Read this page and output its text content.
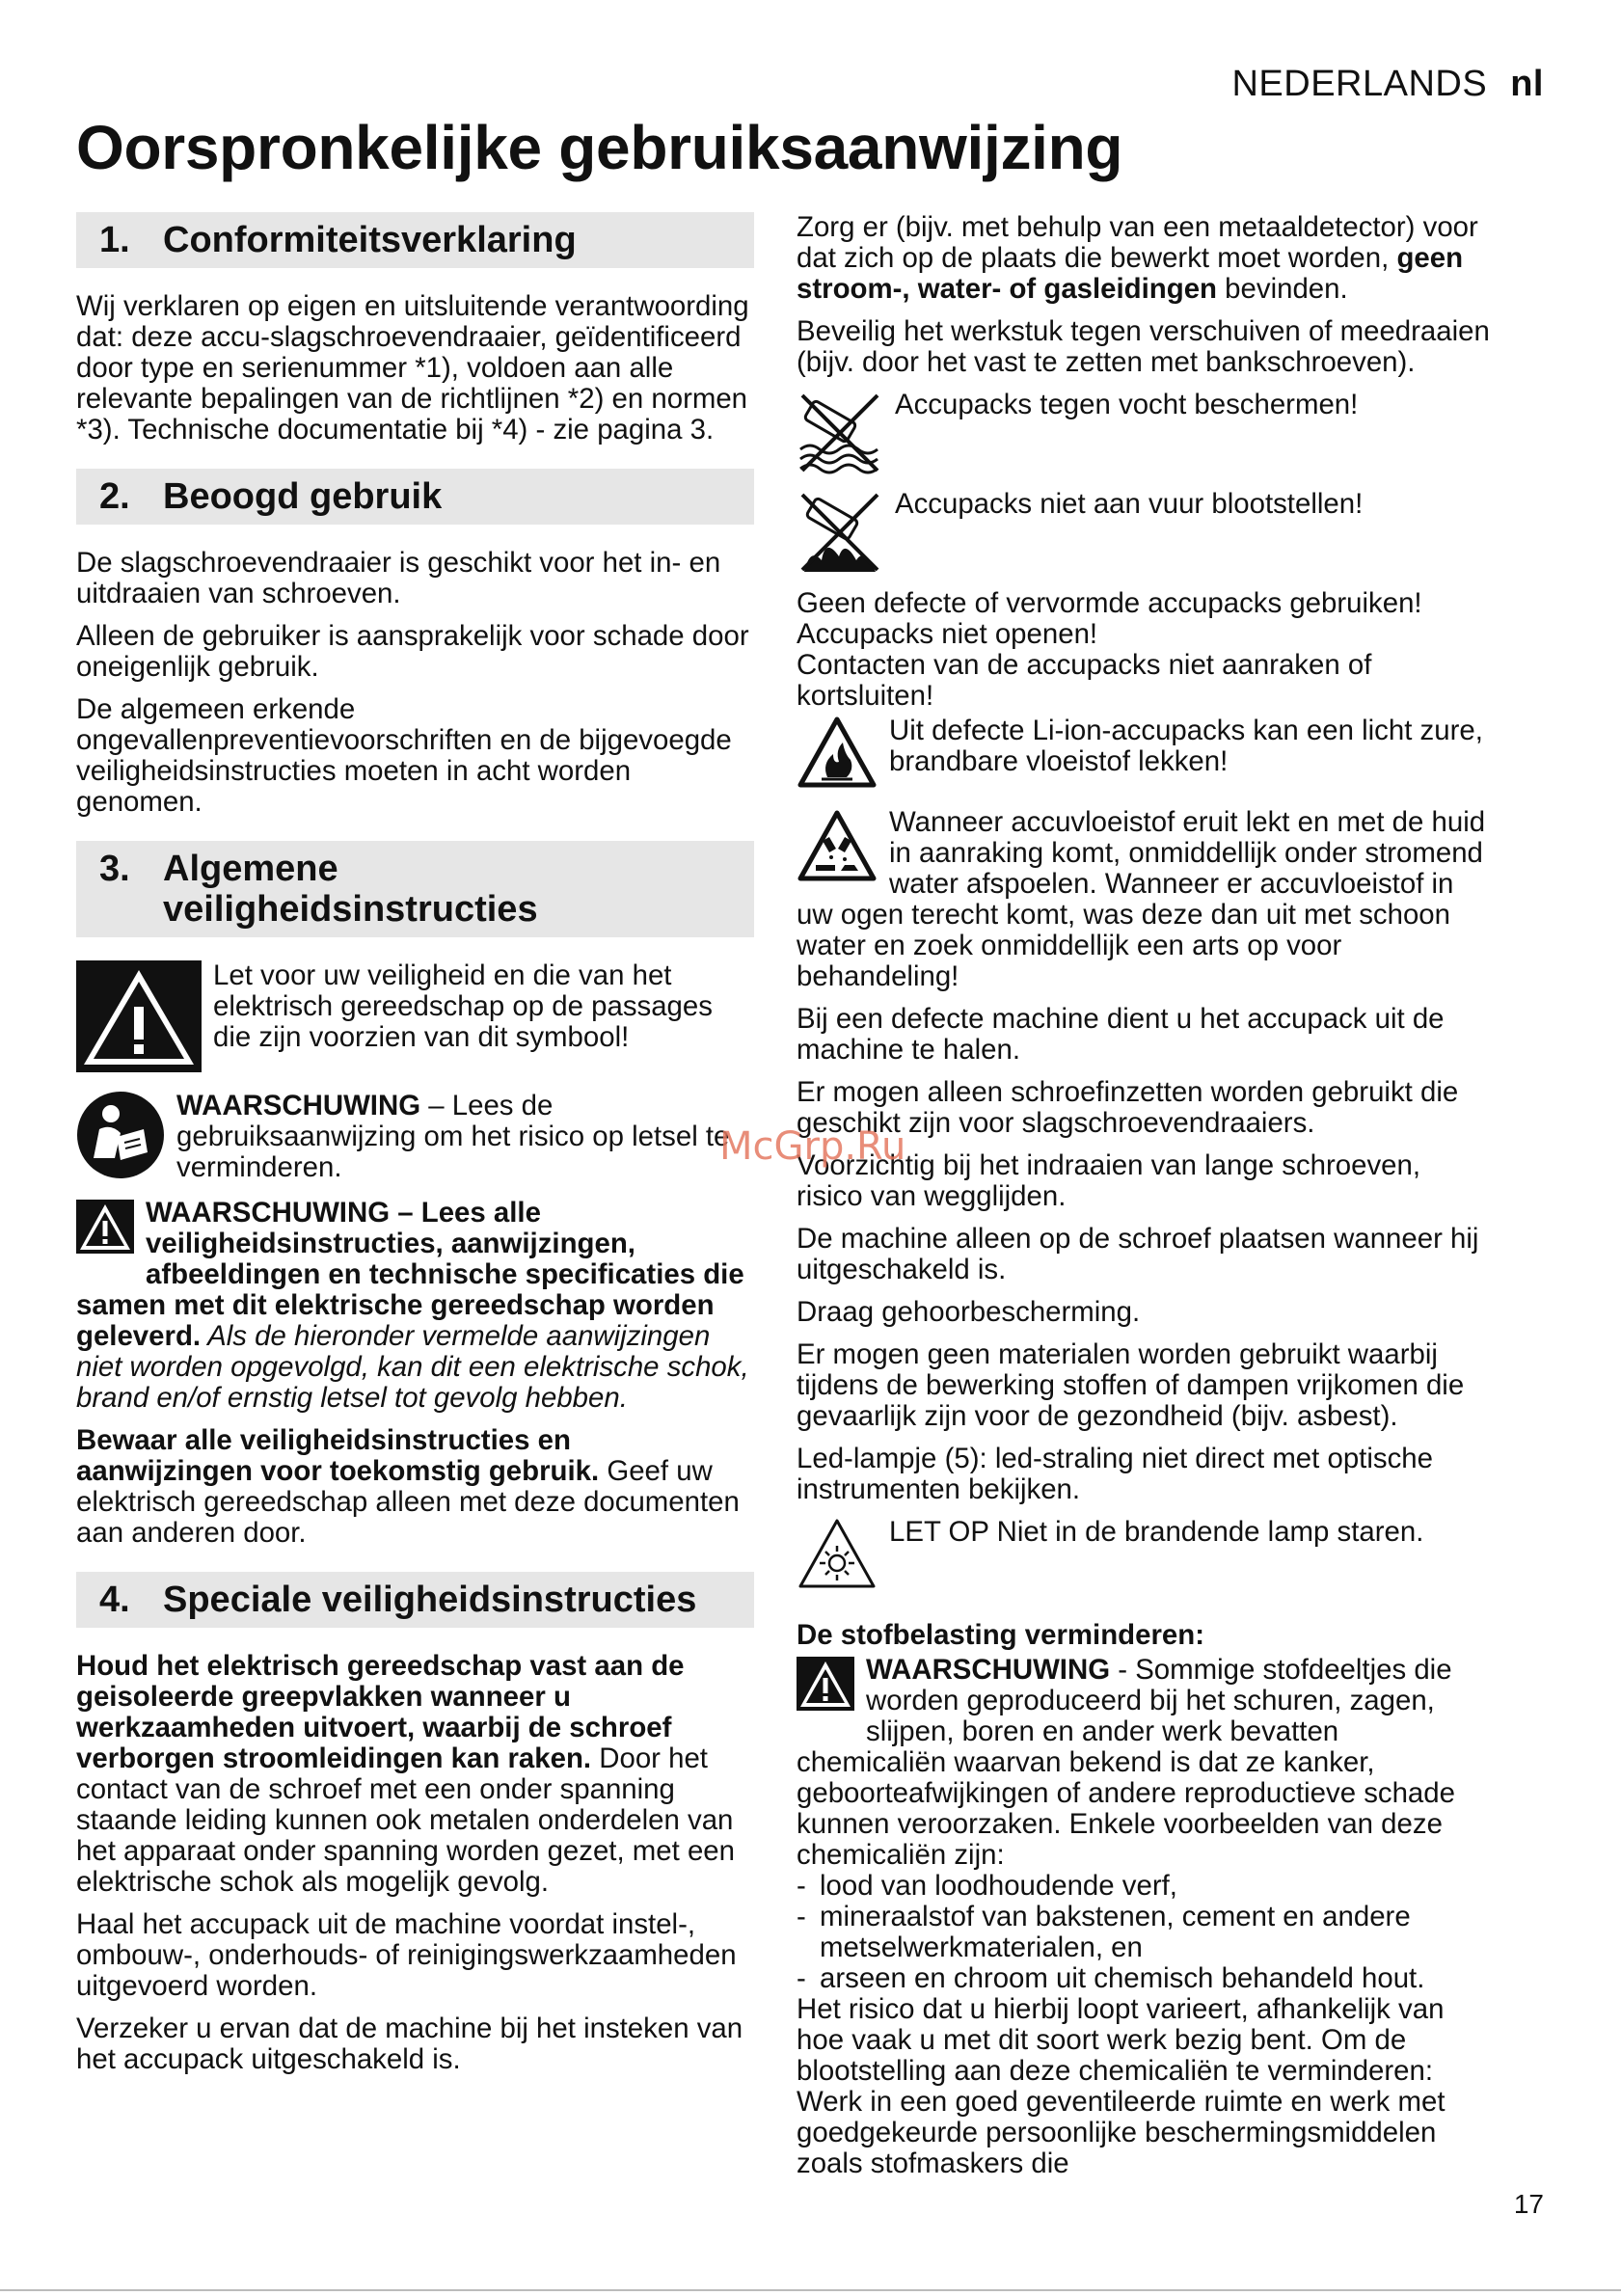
NEDERLANDS nl
Oorspronkelijke gebruiksaanwijzing
1. Conformiteitsverklaring

Wij verklaren op eigen en uitsluitende verantwoording dat: deze accu-slagschroevendraaier, geïdentificeerd door type en serienummer *1), voldoen aan alle relevante bepalingen van de richtlijnen *2) en normen *3). Technische documentatie bij *4) - zie pagina 3.

2. Beoogd gebruik

De slagschroevendraaier is geschikt voor het in- en uitdraaien van schroeven.

Alleen de gebruiker is aansprakelijk voor schade door oneigenlijk gebruik.

De algemeen erkende ongevallenpreventievoorschriften en de bijgevoegde veiligheidsinstructies moeten in acht worden genomen.

3. Algemene
veiligheidsinstructies
Let voor uw veiligheid en die van het elektrisch gereedschap op de passages die zijn voorzien van dit symbool!
WAARSCHUWING – Lees de gebruiksaanwijzing om het risico op letsel te verminderen.

WAARSCHUWING – Lees alle veiligheidsinstructies, aanwijzingen, afbeeldingen en technische specificaties die samen met dit elektrische gereedschap worden geleverd. Als de hieronder vermelde aanwijzingen niet worden opgevolgd, kan dit een elektrische schok, brand en/of ernstig letsel tot gevolg hebben.

Bewaar alle veiligheidsinstructies en aanwijzingen voor toekomstig gebruik. Geef uw elektrisch gereedschap alleen met deze documenten aan anderen door.

4. Speciale veiligheidsinstructies

Houd het elektrisch gereedschap vast aan de geisoleerde greepvlakken wanneer u werkzaamheden uitvoert, waarbij de schroef verborgen stroomleidingen kan raken. Door het contact van de schroef met een onder spanning staande leiding kunnen ook metalen onderdelen van het apparaat onder spanning worden gezet, met een elektrische schok als mogelijk gevolg.

Haal het accupack uit de machine voordat instel-, ombouw-, onderhouds- of reinigingswerkzaamheden uitgevoerd worden.

Verzeker u ervan dat de machine bij het insteken van het accupack uitgeschakeld is.

Zorg er (bijv. met behulp van een metaaldetector) voor dat zich op de plaats die bewerkt moet worden, geen stroom-, water- of gasleidingen bevinden.

Beveilig het werkstuk tegen verschuiven of meedraaien (bijv. door het vast te zetten met bankschroeven).

Accupacks tegen vocht beschermen!
Accupacks niet aan vuur blootstellen!

Geen defecte of vervormde accupacks gebruiken!
Accupacks niet openen!
Contacten van de accupacks niet aanraken of kortsluiten!

Uit defecte Li-ion-accupacks kan een licht zure, brandbare vloeistof lekken!

Wanneer accuvloeistof eruit lekt en met de huid in aanraking komt, onmiddellijk onder stromend water afspoelen. Wanneer er accuvloeistof in uw ogen terecht komt, was deze dan uit met schoon water en zoek onmiddellijk een arts op voor behandeling!

Bij een defecte machine dient u het accupack uit de machine te halen.

Er mogen alleen schroefinzetten worden gebruikt die geschikt zijn voor slagschroevendraaiers.

Voorzichtig bij het indraaien van lange schroeven, risico van wegglijden.

De machine alleen op de schroef plaatsen wanneer hij uitgeschakeld is.

Draag gehoorbescherming.

Er mogen geen materialen worden gebruikt waarbij tijdens de bewerking stoffen of dampen vrijkomen die gevaarlijk zijn voor de gezondheid (bijv. asbest).

Led-lampje (5): led-straling niet direct met optische instrumenten bekijken.

LET OP Niet in de brandende lamp staren.

De stofbelasting verminderen:

WAARSCHUWING - Sommige stofdeeltjes die worden geproduceerd bij het schuren, zagen, slijpen, boren en ander werk bevatten chemicaliën waarvan bekend is dat ze kanker, geboorteafwijkingen of andere reproductieve schade kunnen veroorzaken. Enkele voorbeelden van deze chemicaliën zijn:

- lood van loodhoudende verf,
- mineraalstof van bakstenen, cement en andere metselwerkmaterialen, en
- arseen en chroom uit chemisch behandeld hout.

Het risico dat u hierbij loopt varieert, afhankelijk van hoe vaak u met dit soort werk bezig bent. Om de blootstelling aan deze chemicaliën te verminderen: Werk in een goed geventileerde ruimte en werk met goedgekeurde persoonlijke beschermingsmiddelen zoals stofmaskers die

McGrp.Ru
17
